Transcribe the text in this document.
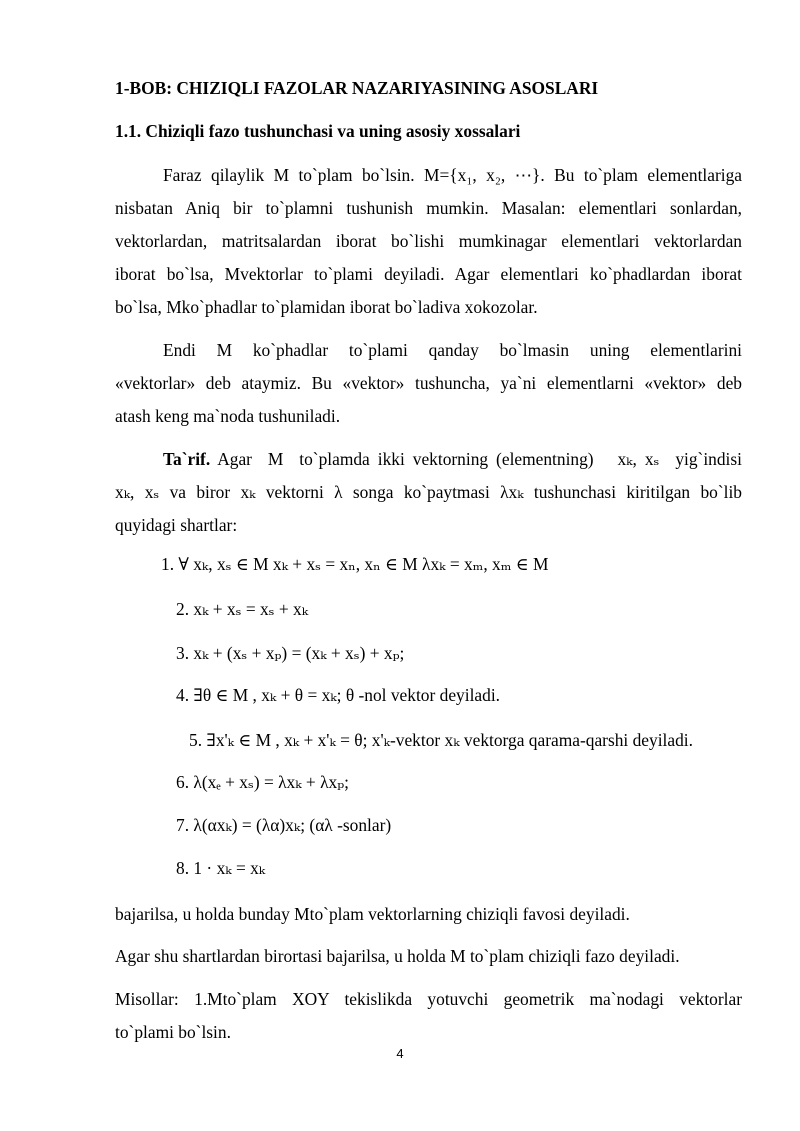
1-BOB: CHIZIQLI FAZOLAR NAZARIYASINING ASOSLARI
1.1. Chiziqli fazo tushunchasi va uning asosiy xossalari
Faraz qilaylik M to`plam bo`lsin. M={x₁, x₂, ⋯}. Bu to`plam elementlariga
nisbatan Aniq bir to`plamni tushunish mumkin. Masalan: elementlari sonlardan,
vektorlardan, matritsalardan iborat bo`lishi mumkinagar elementlari vektorlardan
iborat bo`lsa, Mvektorlar to`plami deyiladi. Agar elementlari ko`phadlardan iborat
bo`lsa, Mko`phadlar to`plamidan iborat bo`ladiva xokozolar.
Endi M ko`phadlar to`plami qanday bo`lmasin uning elementlarini
«vektorlar» deb ataymiz. Bu «vektor» tushuncha, ya`ni elementlarni «vektor» deb
atash keng ma`noda tushuniladi.
Ta`rif. Agar  M  to`plamda ikki vektorning (elementning)   xₖ, xₛ  yig`indisi
xₖ, xₛ va biror xₖ vektorni λ songa ko`paytmasi λxₖ tushunchasi kiritilgan bo`lib
quyidagi shartlar:
1. ∀ xₖ, xₛ ∈ M xₖ + xₛ = xₙ, xₙ ∈ M λxₖ = xₘ, xₘ ∈ M
2. xₖ + xₛ = xₛ + xₖ
3. xₖ + (xₛ + xₚ) = (xₖ + xₛ) + xₚ;
4. ∃θ ∈ M , xₖ + θ = xₖ; θ -nol vektor deyiladi.
5. ∃x'ₖ ∈ M , xₖ + x'ₖ = θ; x'ₖ-vektor xₖ vektorga qarama-qarshi deyiladi.
6. λ(xₑ + xₛ) = λxₖ + λxₚ;
7. λ(αxₖ) = (λα)xₖ; (αλ -sonlar)
8. 1 · xₖ = xₖ
bajarilsa, u holda bunday Mto`plam vektorlarning chiziqli favosi deyiladi.
Agar shu shartlardan birortasi bajarilsa, u holda M to`plam chiziqli fazo deyiladi.
Misollar: 1.Mto`plam XOY tekislikda yotuvchi geometrik ma`nodagi vektorlar
to`plami bo`lsin.
4
